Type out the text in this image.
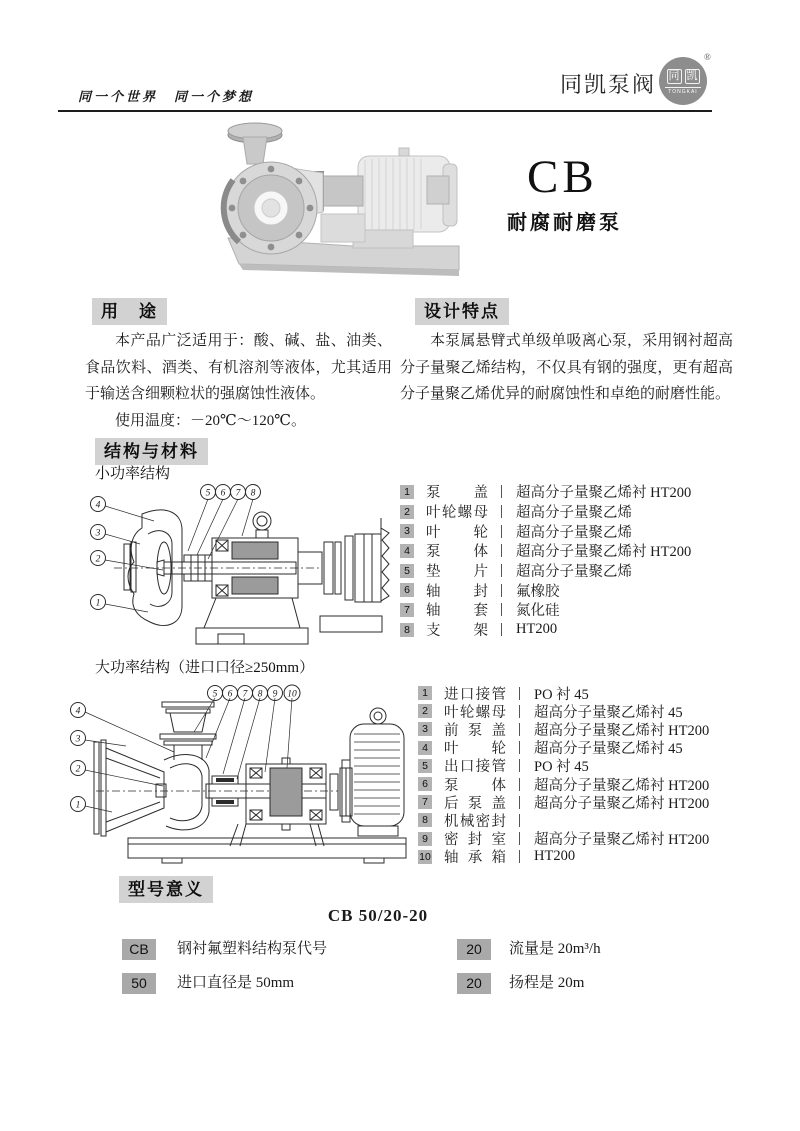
同一个世界　同一个梦想	同凯泵阀 同 凯
TONGKAI
®
CB
耐腐耐磨泵
用　途

本产品广泛适用于：酸、碱、盐、油类、食品饮料、酒类、有机溶剂等液体，尤其适用于输送含细颗粒状的强腐蚀性液体。

使用温度：－20℃～120℃。

设计特点

本泵属悬臂式单级单吸离心泵，采用钢衬超高分子量聚乙烯结构，不仅具有钢的强度，更有超高分子量聚乙烯优异的耐腐蚀性和卓绝的耐磨性能。

结构与材料
小功率结构
4
3
2
1
5 6 7 8	1 泵盖 超高分子量聚乙烯衬 HT200
2 叶轮螺母 超高分子量聚乙烯
3 叶轮 超高分子量聚乙烯
4 泵体 超高分子量聚乙烯衬 HT200
5 垫片 超高分子量聚乙烯
6 轴封 氟橡胶
7 轴套 氮化硅
8 支架 HT200
大功率结构（进口口径≥250mm）
4
3
2
1
5 6 7 8 9 10	1 进口接管 PO 衬 45
2 叶轮螺母 超高分子量聚乙烯衬 45
3 前泵盖 超高分子量聚乙烯衬 HT200
4 叶轮 超高分子量聚乙烯衬 45
5 出口接管 PO 衬 45
6 泵体 超高分子量聚乙烯衬 HT200
7 后泵盖 超高分子量聚乙烯衬 HT200
8 机械密封
9 密封室 超高分子量聚乙烯衬 HT200
10 轴承箱 HT200
型号意义
CB 50/20-20
CB	钢衬氟塑料结构泵代号
50	进口直径是 50mm
20	流量是 20m³/h
20	扬程是 20m
